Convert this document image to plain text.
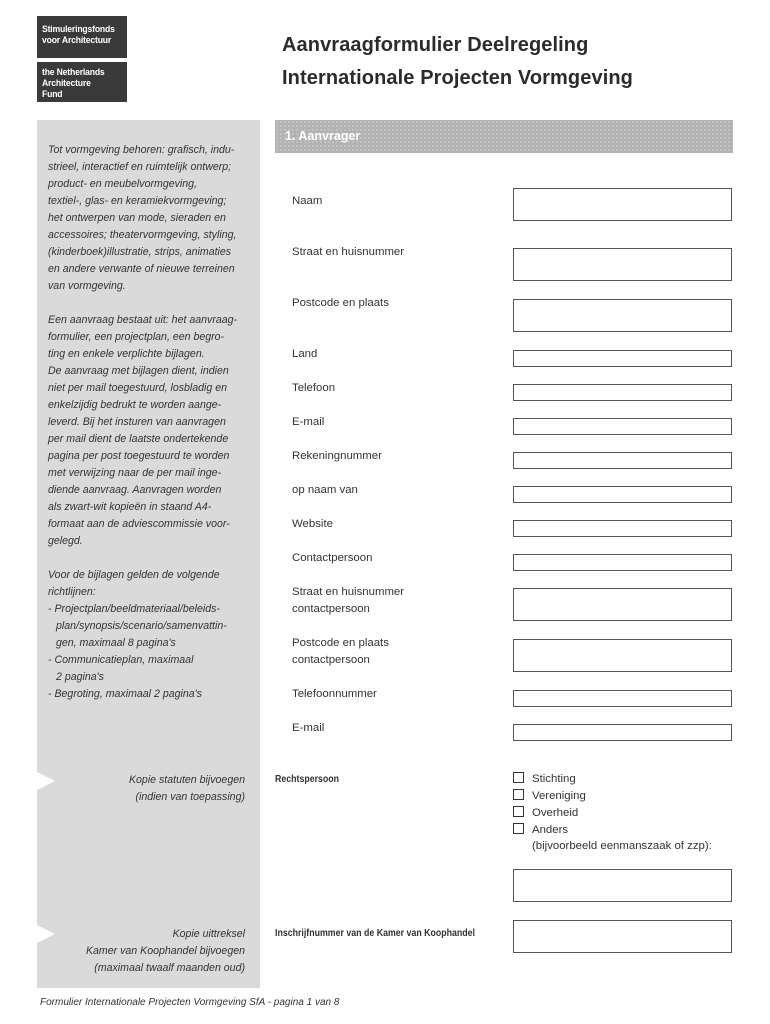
Stimuleringsfonds
voor Architectuur
the Netherlands
Architecture Fund
Aanvraagformulier Deelregeling
Internationale Projecten Vormgeving

Tot vormgeving behoren: grafisch, indu-

strieel, interactief en ruimtelijk ontwerp;

product- en meubelvormgeving,

textiel-, glas- en keramiekvormgeving;

het ontwerpen van mode, sieraden en

accessoires; theatervormgeving, styling,

(kinderboek)illustratie, strips, animaties

en andere verwante of nieuwe terreinen

van vormgeving.

Een aanvraag bestaat uit: het aanvraag-

formulier, een projectplan, een begro-

ting en enkele verplichte bijlagen.

De aanvraag met bijlagen dient, indien

niet per mail toegestuurd, losbladig en

enkelzijdig bedrukt te worden aange-

leverd. Bij het insturen van aanvragen

per mail dient de laatste ondertekende

pagina per post toegestuurd te worden

met verwijzing naar de per mail inge-

diende aanvraag. Aanvragen worden

als zwart-wit kopieën in staand A4-

formaat aan de adviescommissie voor-

gelegd.

Voor de bijlagen gelden de volgende

richtlijnen:

- Projectplan/beeldmateriaal/beleids-

plan/synopsis/scenario/samenvattin-

gen, maximaal 8 pagina's

- Communicatieplan, maximaal

2 pagina's

- Begroting, maximaal 2 pagina's

Kopie statuten bijvoegen
(indien van toepassing)
Kopie uittreksel
Kamer van Koophandel bijvoegen
(maximaal twaalf maanden oud)
1. Aanvrager
Naam
Straat en huisnummer
Postcode en plaats
Land
Telefoon
E-mail
Rekeningnummer
op naam van
Website
Contactpersoon
Straat en huisnummer
contactpersoon
Postcode en plaats
contactpersoon
Telefoonnummer
E-mail
Rechtspersoon	Stichting
Vereniging
Overheid
Anders
(bijvoorbeeld eenmanszaak of zzp):
Inschrijfnummer van de Kamer van Koophandel
Formulier Internationale Projecten Vormgeving SfA - pagina 1 van 8
